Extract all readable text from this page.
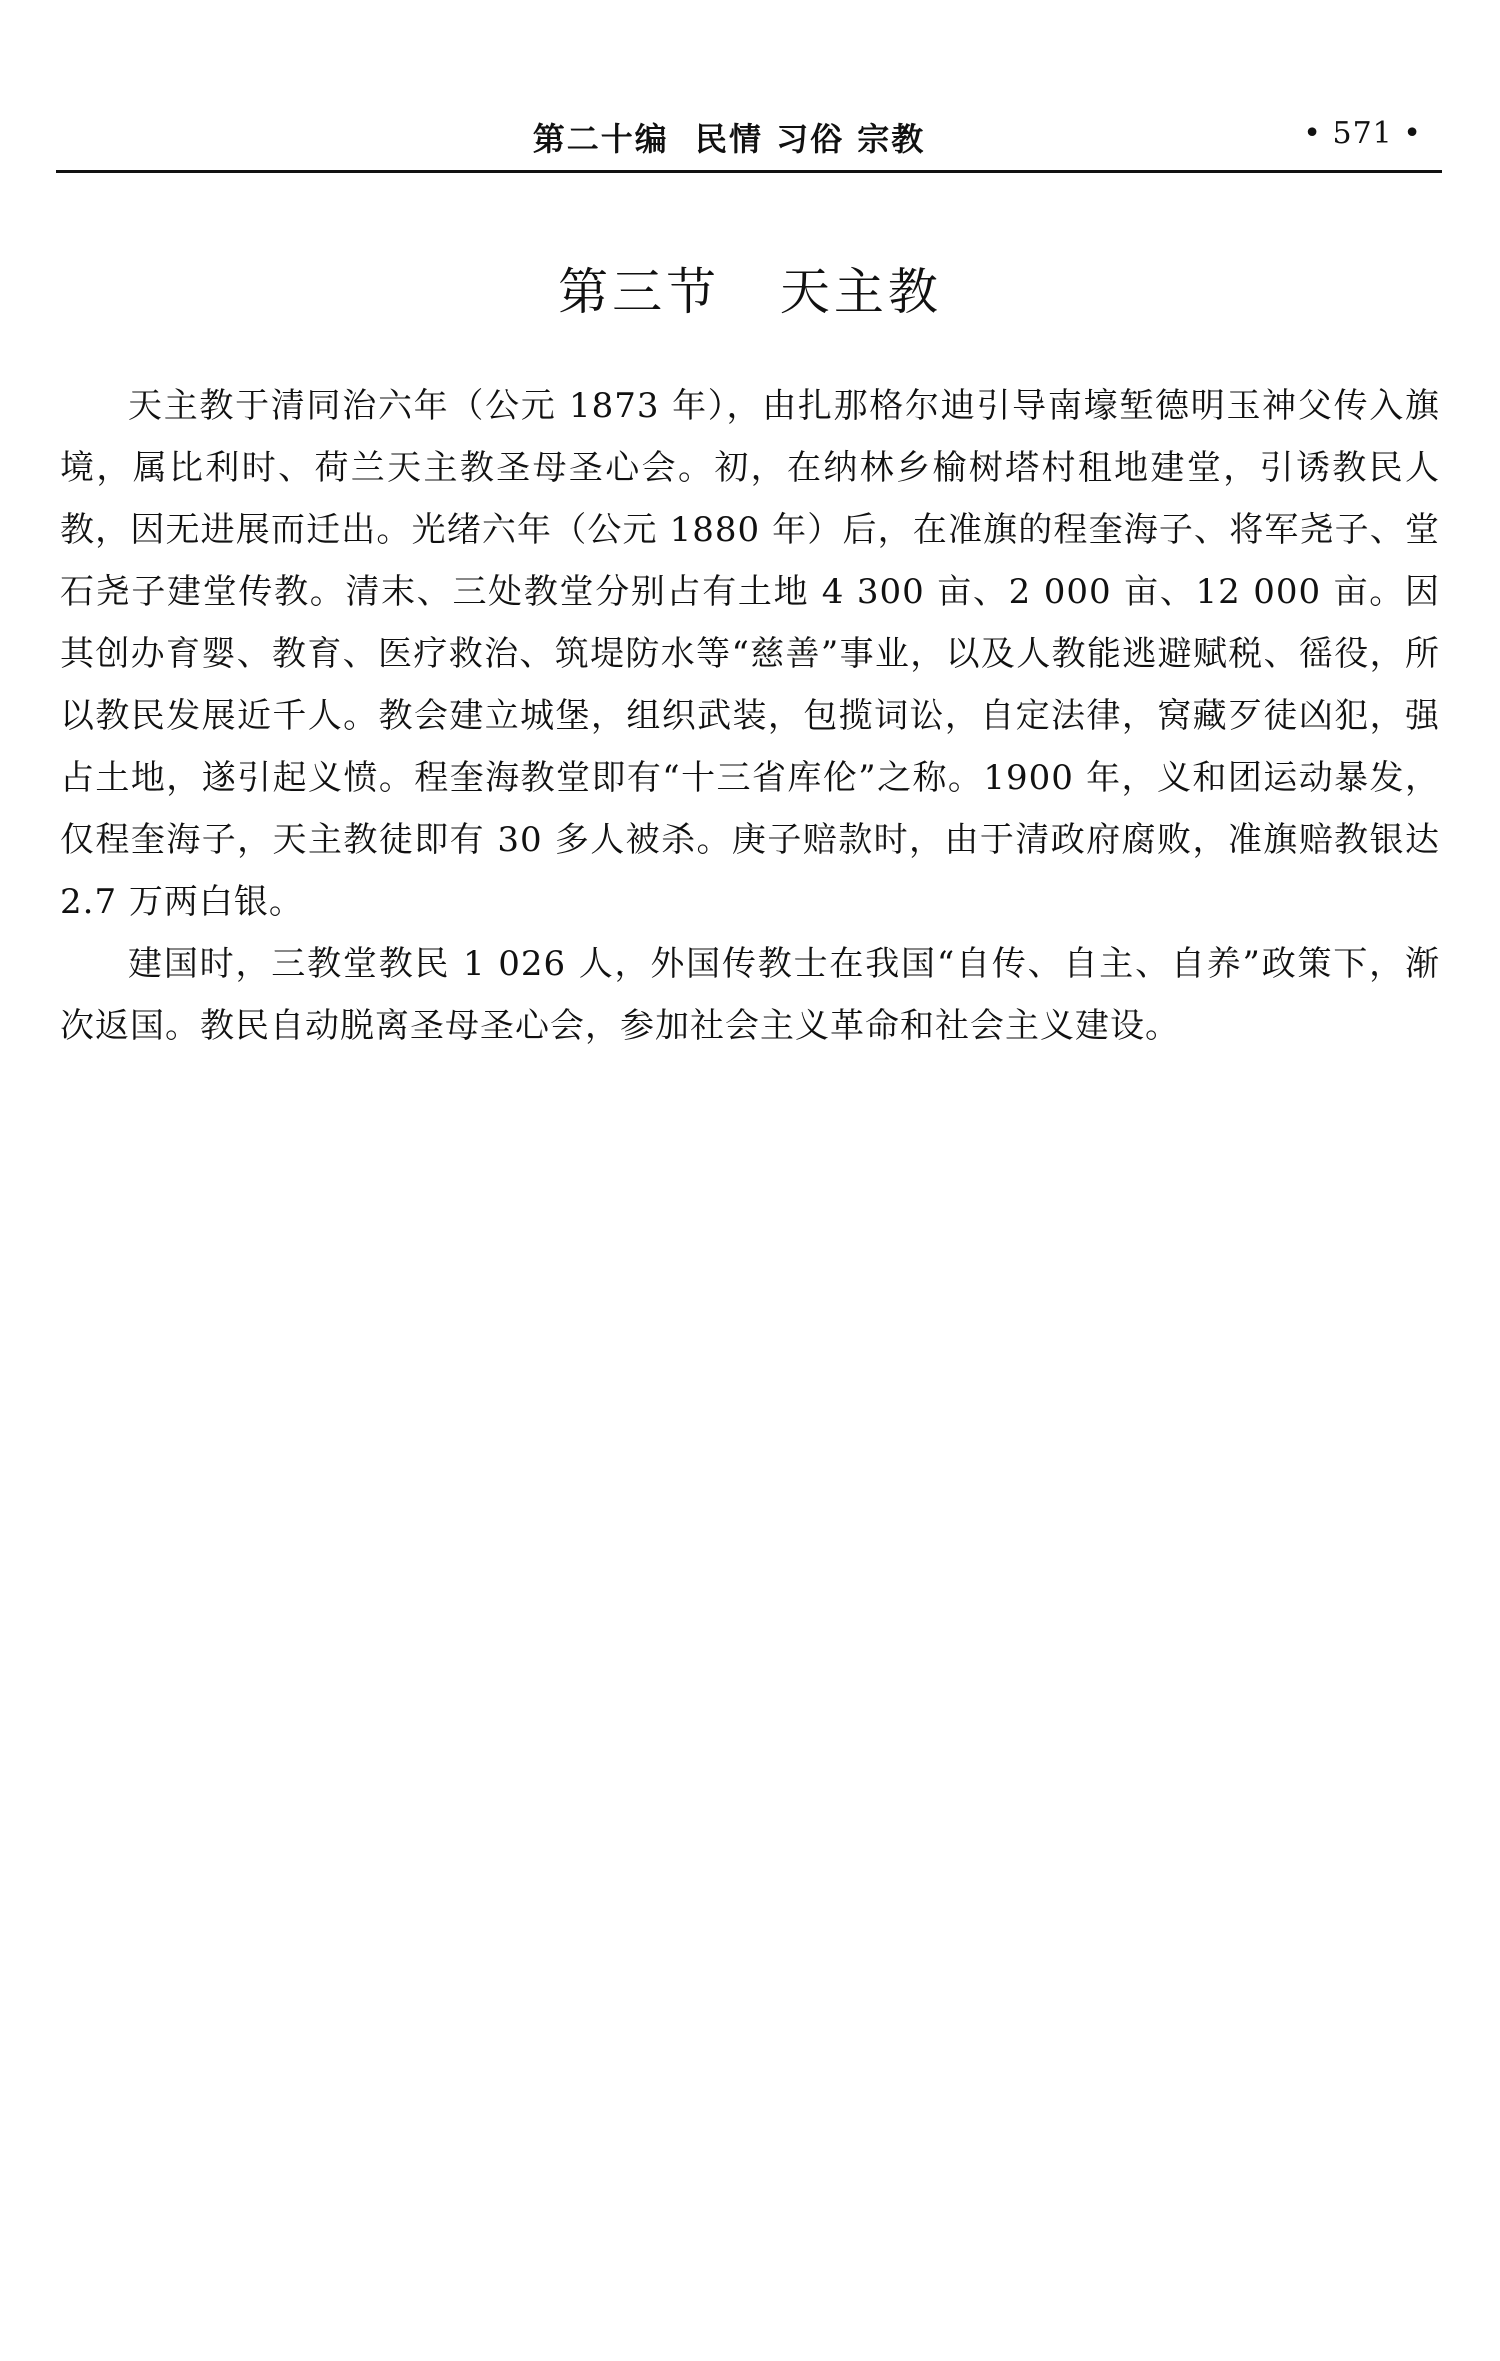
第二十编  民情 习俗 宗教	• 571 •
第三节   天主教

天主教于清同治六年（公元 1873 年），由扎那格尔迪引导南壕堑德明玉神父传入旗境，属比利时、荷兰天主教圣母圣心会。初，在纳林乡榆树塔村租地建堂，引诱教民人教，因无进展而迁出。光绪六年（公元 1880 年）后，在准旗的程奎海子、将军尧子、堂石尧子建堂传教。清末、三处教堂分别占有土地 4 300 亩、2 000 亩、12 000 亩。因其创办育婴、教育、医疗救治、筑堤防水等“慈善”事业，以及人教能逃避赋税、徭役，所以教民发展近千人。教会建立城堡，组织武装，包揽词讼，自定法律，窝藏歹徒凶犯，强占土地，遂引起义愤。程奎海教堂即有“十三省库伦”之称。1900 年，义和团运动暴发，仅程奎海子，天主教徒即有 30 多人被杀。庚子赔款时，由于清政府腐败，准旗赔教银达 2.7 万两白银。

建国时，三教堂教民 1 026 人，外国传教士在我国“自传、自主、自养”政策下，渐次返国。教民自动脱离圣母圣心会，参加社会主义革命和社会主义建设。
